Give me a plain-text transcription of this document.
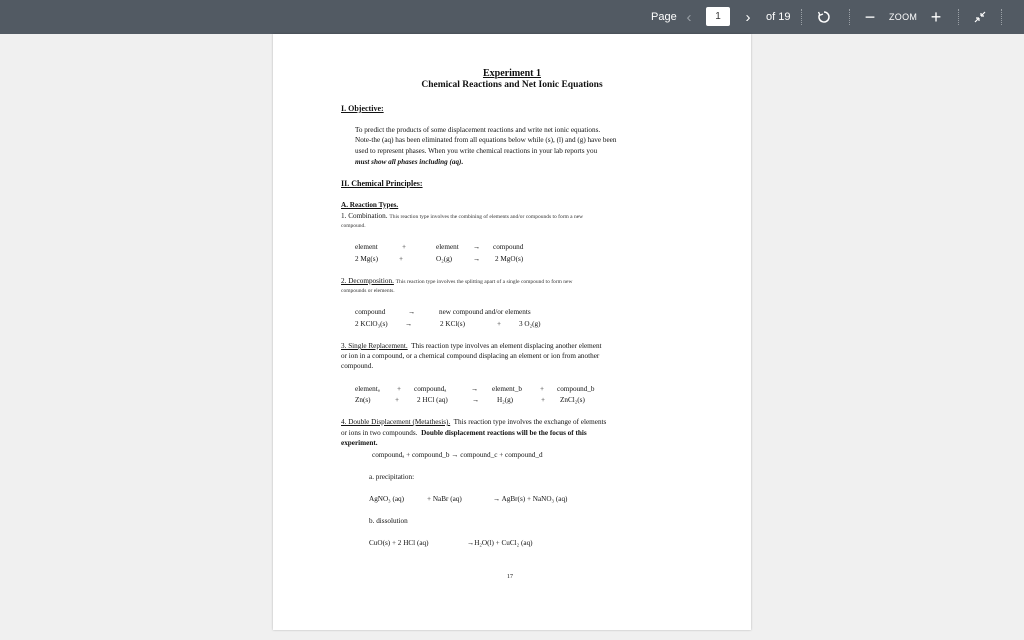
Page ‹	1	› of 19	− ZOOM +
Experiment 1
Chemical Reactions and Net Ionic Equations
I. Objective:
To predict the products of some displacement reactions and write net ionic equations.
Note-the (aq) has been eliminated from all equations below while (s), (l) and (g) have been
used to represent phases. When you write chemical reactions in your lab reports you
must show all phases including (aq).
II. Chemical Principles:
A. Reaction Types.
1. Combination. This reaction type involves the combining of elements and/or compounds to form a new
compound.
element	+	element → compound
2 Mg(s)	+	O₂(g)	→ 2 MgO(s)
2. Decomposition. This reaction type involves the splitting apart of a single compound to form new
compounds or elements.
compound	→	new compound and/or elements
2 KClO₃(s) →	2 KCl(s)	+ 3 O₂(g)
3. Single Replacement. This reaction type involves an element displacing another element
or ion in a compound, or a chemical compound displacing an element or ion from another
compound.
elementₐ + compoundₐ	→ element_b	+ compound_b
Zn(s)	+ 2 HCl (aq)	→ H₂(g)	+ ZnCl₂(s)
4. Double Displacement (Metathesis). This reaction type involves the exchange of elements
or ions in two compounds. Double displacement reactions will be the focus of this
experiment.
compoundₐ + compound_b → compound_c + compound_d
a. precipitation:
AgNO₃ (aq)	+ NaBr (aq)	→ AgBr(s) + NaNO₃ (aq)
b. dissolution
CuO(s) + 2 HCl (aq)	→H₂O(l) + CuCl₂ (aq)
17
